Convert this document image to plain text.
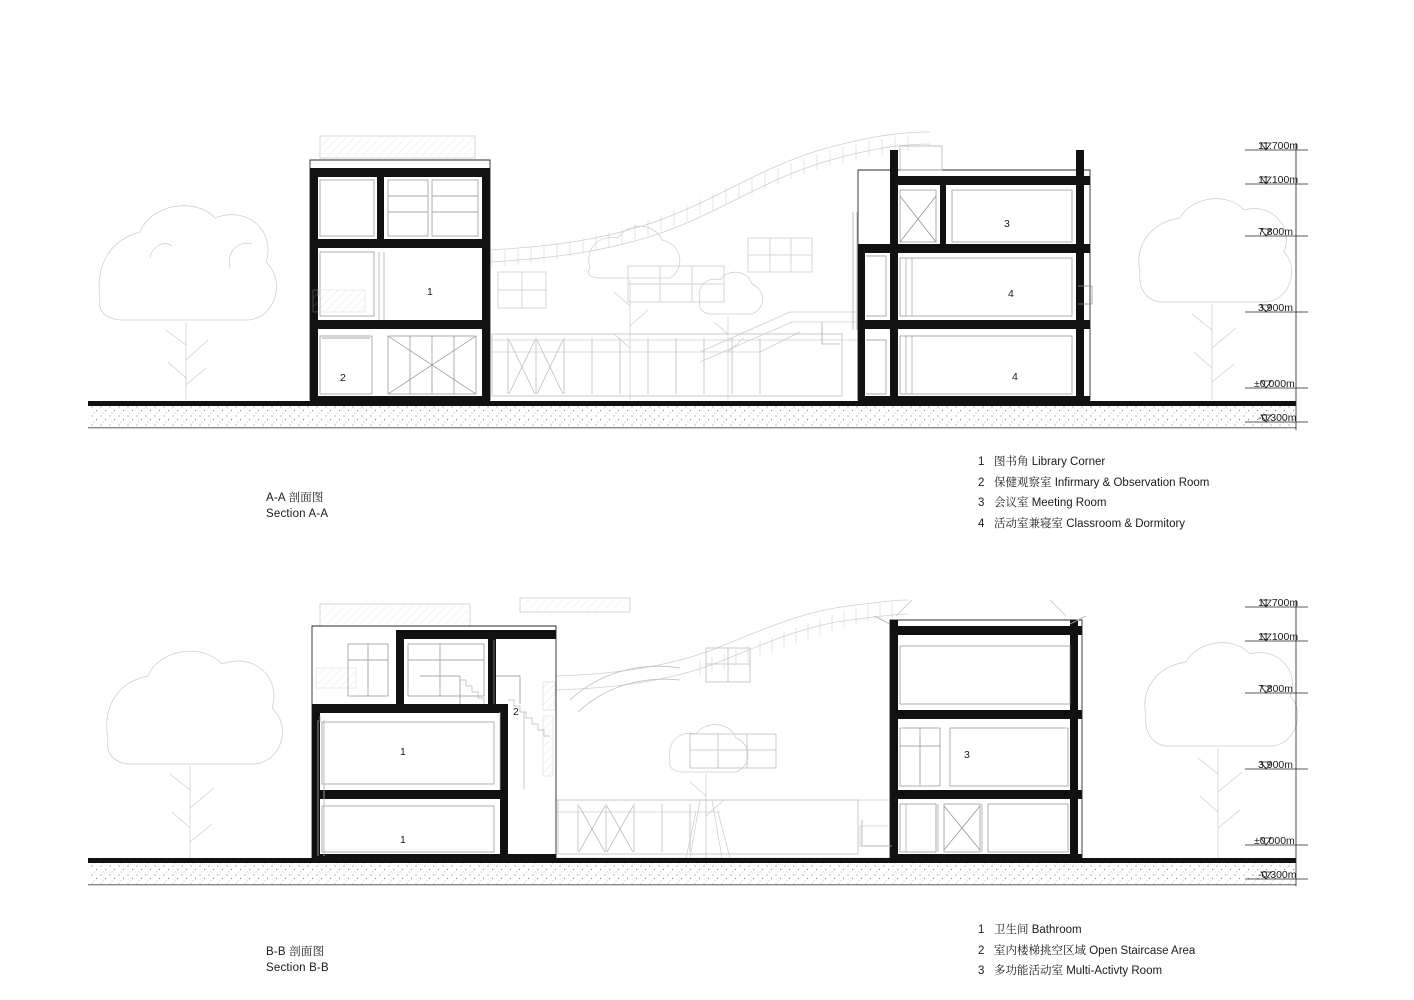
11.700m
11.100m
7.800m
3.900m
±0.000m
-0.300m
1
2
3
4
4
A-A 剖面图
Section A-A
1 图书角 Library Corner
2 保健观察室 Infirmary & Observation Room
3 会议室 Meeting Room
4 活动室兼寝室 Classroom & Dormitory
11.700m
11.100m
7.800m
3.900m
±0.000m
-0.300m
2
1
1
3
B-B 剖面图
Section B-B
1 卫生间 Bathroom
2 室内楼梯挑空区域 Open Staircase Area
3 多功能活动室 Multi-Activty Room
